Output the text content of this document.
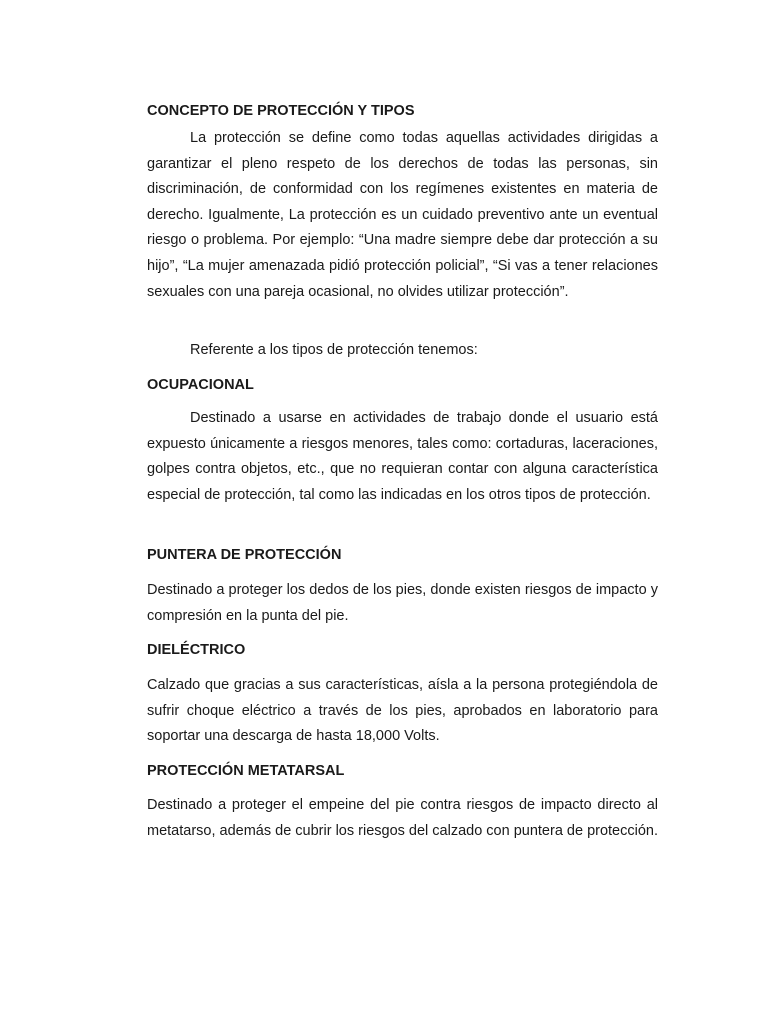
CONCEPTO DE PROTECCIÓN Y TIPOS

La protección se define como todas aquellas actividades dirigidas a garantizar el pleno respeto de los derechos de todas las personas, sin discriminación, de conformidad con los regímenes existentes en materia de derecho. Igualmente, La protección es un cuidado preventivo ante un eventual riesgo o problema. Por ejemplo: “Una madre siempre debe dar protección a su hijo”, “La mujer amenazada pidió protección policial”, “Si vas a tener relaciones sexuales con una pareja ocasional, no olvides utilizar protección”.

Referente a los tipos de protección tenemos:

OCUPACIONAL

Destinado a usarse en actividades de trabajo donde el usuario está expuesto únicamente a riesgos menores, tales como: cortaduras, laceraciones, golpes contra objetos, etc., que no requieran contar con alguna característica especial de protección, tal como las indicadas en los otros tipos de protección.

PUNTERA DE PROTECCIÓN

Destinado a proteger los dedos de los pies, donde existen riesgos de impacto y compresión en la punta del pie.

DIELÉCTRICO

Calzado que gracias a sus características, aísla a la persona protegiéndola de sufrir choque eléctrico a través de los pies, aprobados en laboratorio para soportar una descarga de hasta 18,000 Volts.

PROTECCIÓN METATARSAL

Destinado a proteger el empeine del pie contra riesgos de impacto directo al metatarso, además de cubrir los riesgos del calzado con puntera de protección.
